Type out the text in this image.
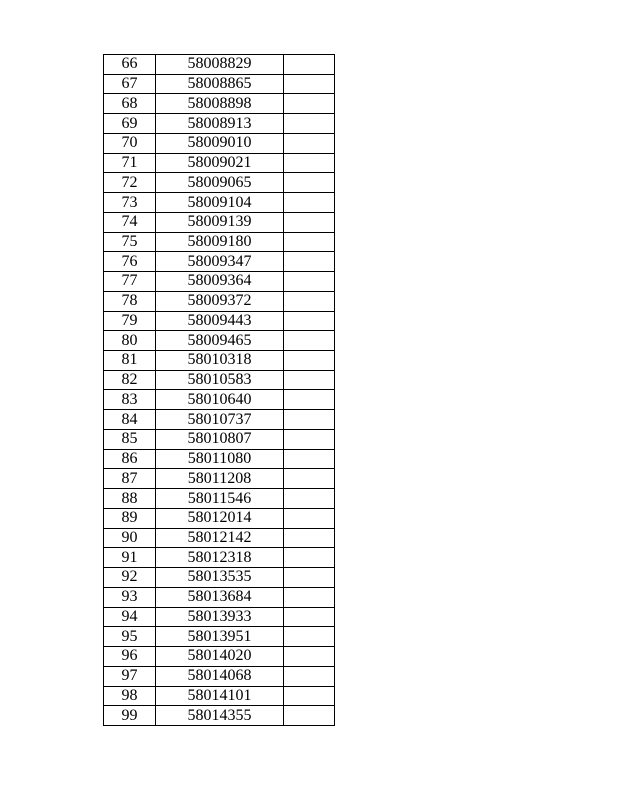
66	58008829	
67	58008865	
68	58008898	
69	58008913	
70	58009010	
71	58009021	
72	58009065	
73	58009104	
74	58009139	
75	58009180	
76	58009347	
77	58009364	
78	58009372	
79	58009443	
80	58009465	
81	58010318	
82	58010583	
83	58010640	
84	58010737	
85	58010807	
86	58011080	
87	58011208	
88	58011546	
89	58012014	
90	58012142	
91	58012318	
92	58013535	
93	58013684	
94	58013933	
95	58013951	
96	58014020	
97	58014068	
98	58014101	
99	58014355	
